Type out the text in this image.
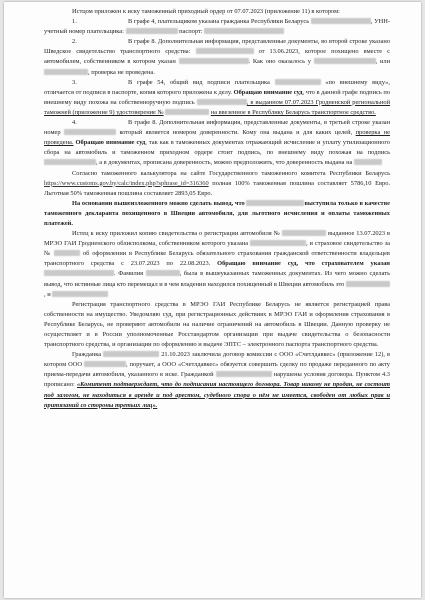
Истцом приложен к иску таможенный приходный ордер от 07.07.2023 (приложение 11) в котором:

1.	В графе 4, плательщиком указана гражданка Республики Беларусь	, УНН-учетный номер плательщика:	паспорт:

2.	В графе 8. Дополнительная информация, представленные документы, во второй строке указано Шведское свидетельство транспортного средства:	от 13.06.2023, которое похищено вместе с автомобилем, собственником в котором указан	. Как оно оказалось у	, или , проверка не проведена.

3.	В графе 54, общий вид подписи плательщика	«по внешнему виду», отличается от подписи в паспорте, копия которого приложена к делу. Обращаю внимание суд, что в данной графе подпись по внешнему виду похожа на собственноручную подпись	, в выданном 07.07.2023 Гродненской региональной таможней (приложение 9) удостоверение №	на ввезенное в Республику Беларусь транспортное средство.

4.	В графе 8. Дополнительная информация, представленные документы, в третьей строке указан номер	который является номером доверенности. Кому она выдана и для каких целей, проверка не проведена. Обращаю внимание суд, так как в таможенных документах отражающий исчисление и уплату утилизационного сбора на автомобиль и таможенном приходном ордере стоит подпись, по внешнему виду похожая на подпись , а в документах, прописана доверенность, можно предположить, что доверенность выдана на

Согласно таможенного калькулятора на сайте Государственного таможенного комитета Республики Беларусь https://www.customs.gov.by/calc/index.php?sphrase_id=316360 полная 100% таможенная пошлина составляет 5786,10 Евро. Льготная 50% таможенная пошлина составляет 2893,05 Евро.

На основании вышеизложенного можно сделать вывод, что	выступила только в качестве таможенного декларанта похищенного в Швеции автомобиля, для льготного исчисления и оплаты таможенных платежей.

Истец к иску приложил копию свидетельства о регистрации автомобиля №	выданное 13.07.2023 в МРЭО ГАИ Гродненского облисполкома, собственником которого указана	, и страховое свидетельство за №	об оформлении в Республике Беларусь обязательного страхования гражданской ответственности владельцев транспортного средства с 23.07.2023 по 22.08.2023. Обращаю внимание суд, что страхователем указан . Фамилия	, была в вышеуказанных таможенных документах. Из чего можно сделать вывод, что истинные лица кто перемещал и в чем владении находился похищенный в Швеции автомобиль это , и

Регистрация транспортного средства в МРЭО ГАИ Республике Беларусь не является регистрацией права собственности на имущество. Уведомляю суд, при регистрационных действиях в МРЭО ГАИ и оформления страхования в Республике Беларусь, не проверяют автомобили на наличие ограничений на автомобиль в Швеции. Данную проверку не осуществляет и в России уполномоченные Росстандартом организации при выдаче свидетельства о безопасности транспортного средства, и организации по оформлению и выдаче ЭПТС – электронного паспорта транспортного средства.

Гражданка	21.10.2023 заключила договор комиссии с ООО «Счетлдавкес» (приложение 12), в котором ООО	, поручает, а ООО «Счетлдавкес» обязуется совершить сделку по продаже переданного по акту приема-передачи автомобиля, указанного в иске. Гражданкой	нарушены условия договора. Пунктом 4.3 прописано: «Комитент подтверждает, что до подписания настоящего договора. Товар никому не продан, не состоит под залогом, не находиться в аренде и под арестом, судебного спора о нём не имеется, свободен от любых прав и притязаний со стороны третьих лиц».
